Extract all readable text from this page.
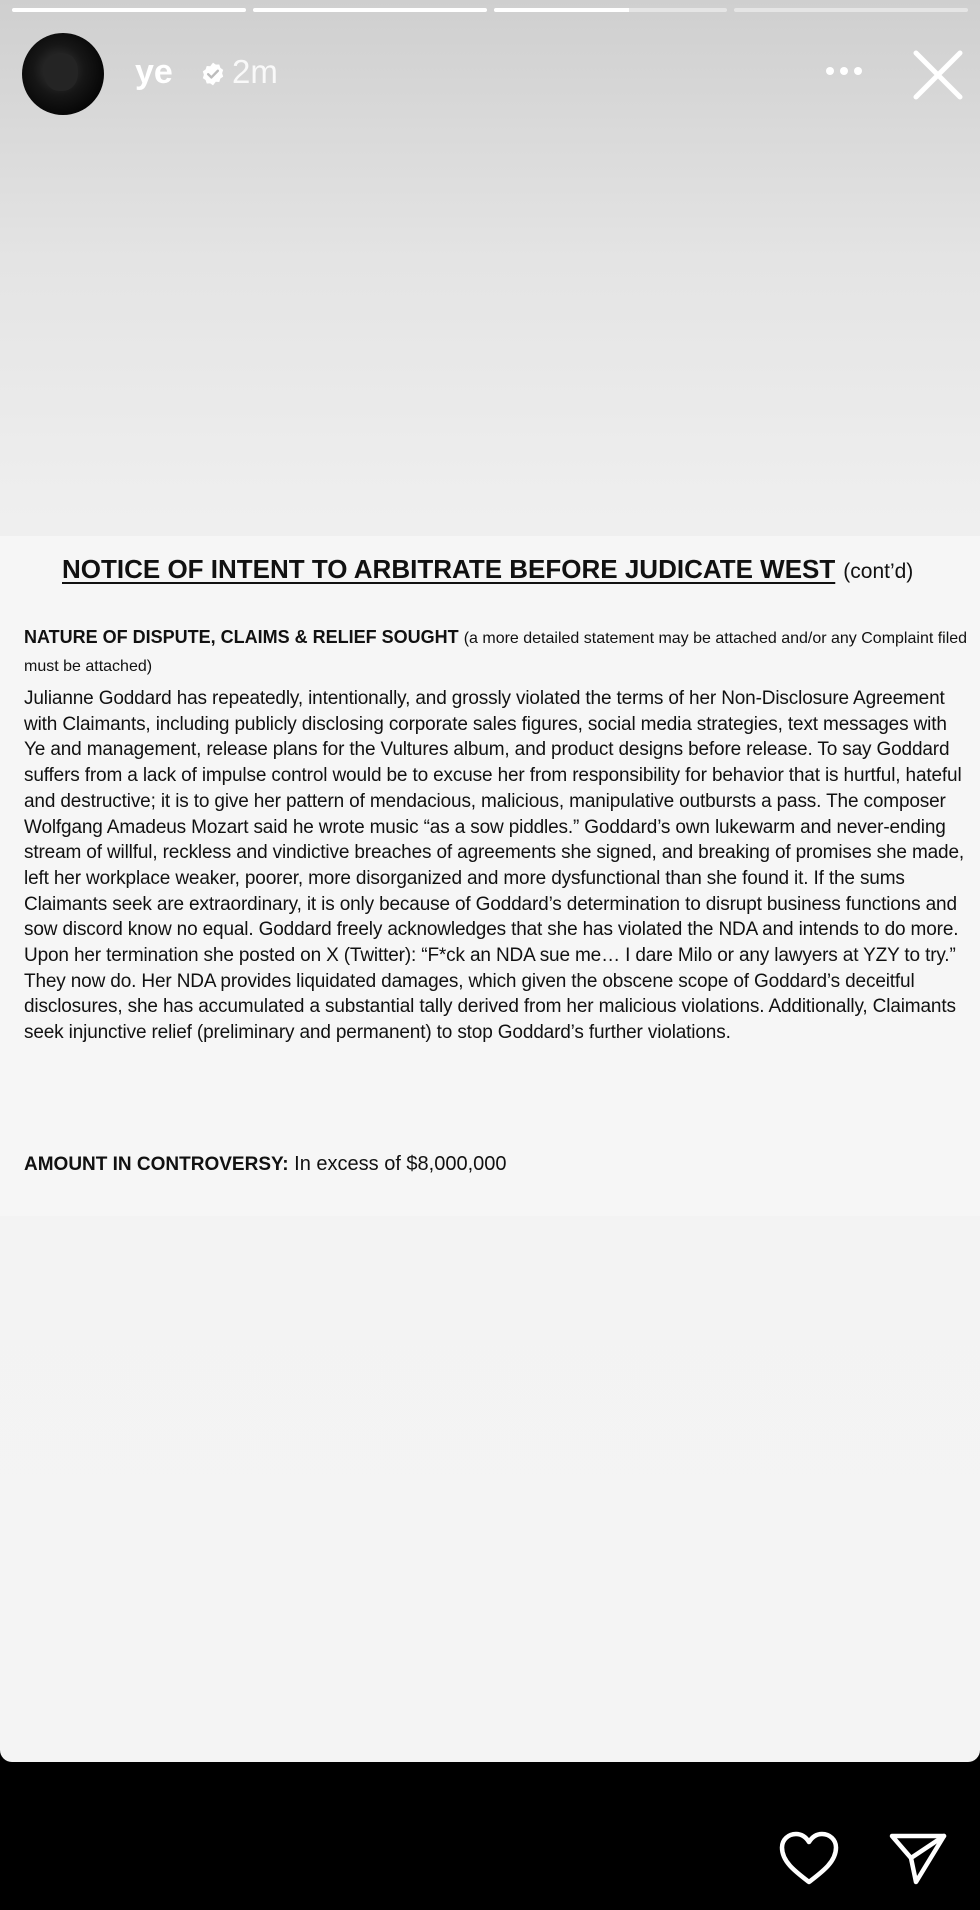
ye 2m
NOTICE OF INTENT TO ARBITRATE BEFORE JUDICATE WEST (cont’d)
NATURE OF DISPUTE, CLAIMS & RELIEF SOUGHT (a more detailed statement may be attached and/or any Complaint filed must be attached)
Julianne Goddard has repeatedly, intentionally, and grossly violated the terms of her Non-Disclosure Agreement with Claimants, including publicly disclosing corporate sales figures, social media strategies, text messages with Ye and management, release plans for the Vultures album, and product designs before release. To say Goddard suffers from a lack of impulse control would be to excuse her from responsibility for behavior that is hurtful, hateful and destructive; it is to give her pattern of mendacious, malicious, manipulative outbursts a pass. The composer Wolfgang Amadeus Mozart said he wrote music “as a sow piddles.” Goddard’s own lukewarm and never-ending stream of willful, reckless and vindictive breaches of agreements she signed, and breaking of promises she made, left her workplace weaker, poorer, more disorganized and more dysfunctional than she found it. If the sums Claimants seek are extraordinary, it is only because of Goddard’s determination to disrupt business functions and sow discord know no equal. Goddard freely acknowledges that she has violated the NDA and intends to do more. Upon her termination she posted on X (Twitter): “F*ck an NDA sue me… I dare Milo or any lawyers at YZY to try.” They now do. Her NDA provides liquidated damages, which given the obscene scope of Goddard’s deceitful disclosures, she has accumulated a substantial tally derived from her malicious violations. Additionally, Claimants seek injunctive relief (preliminary and permanent) to stop Goddard’s further violations.
AMOUNT IN CONTROVERSY: In excess of $8,000,000
